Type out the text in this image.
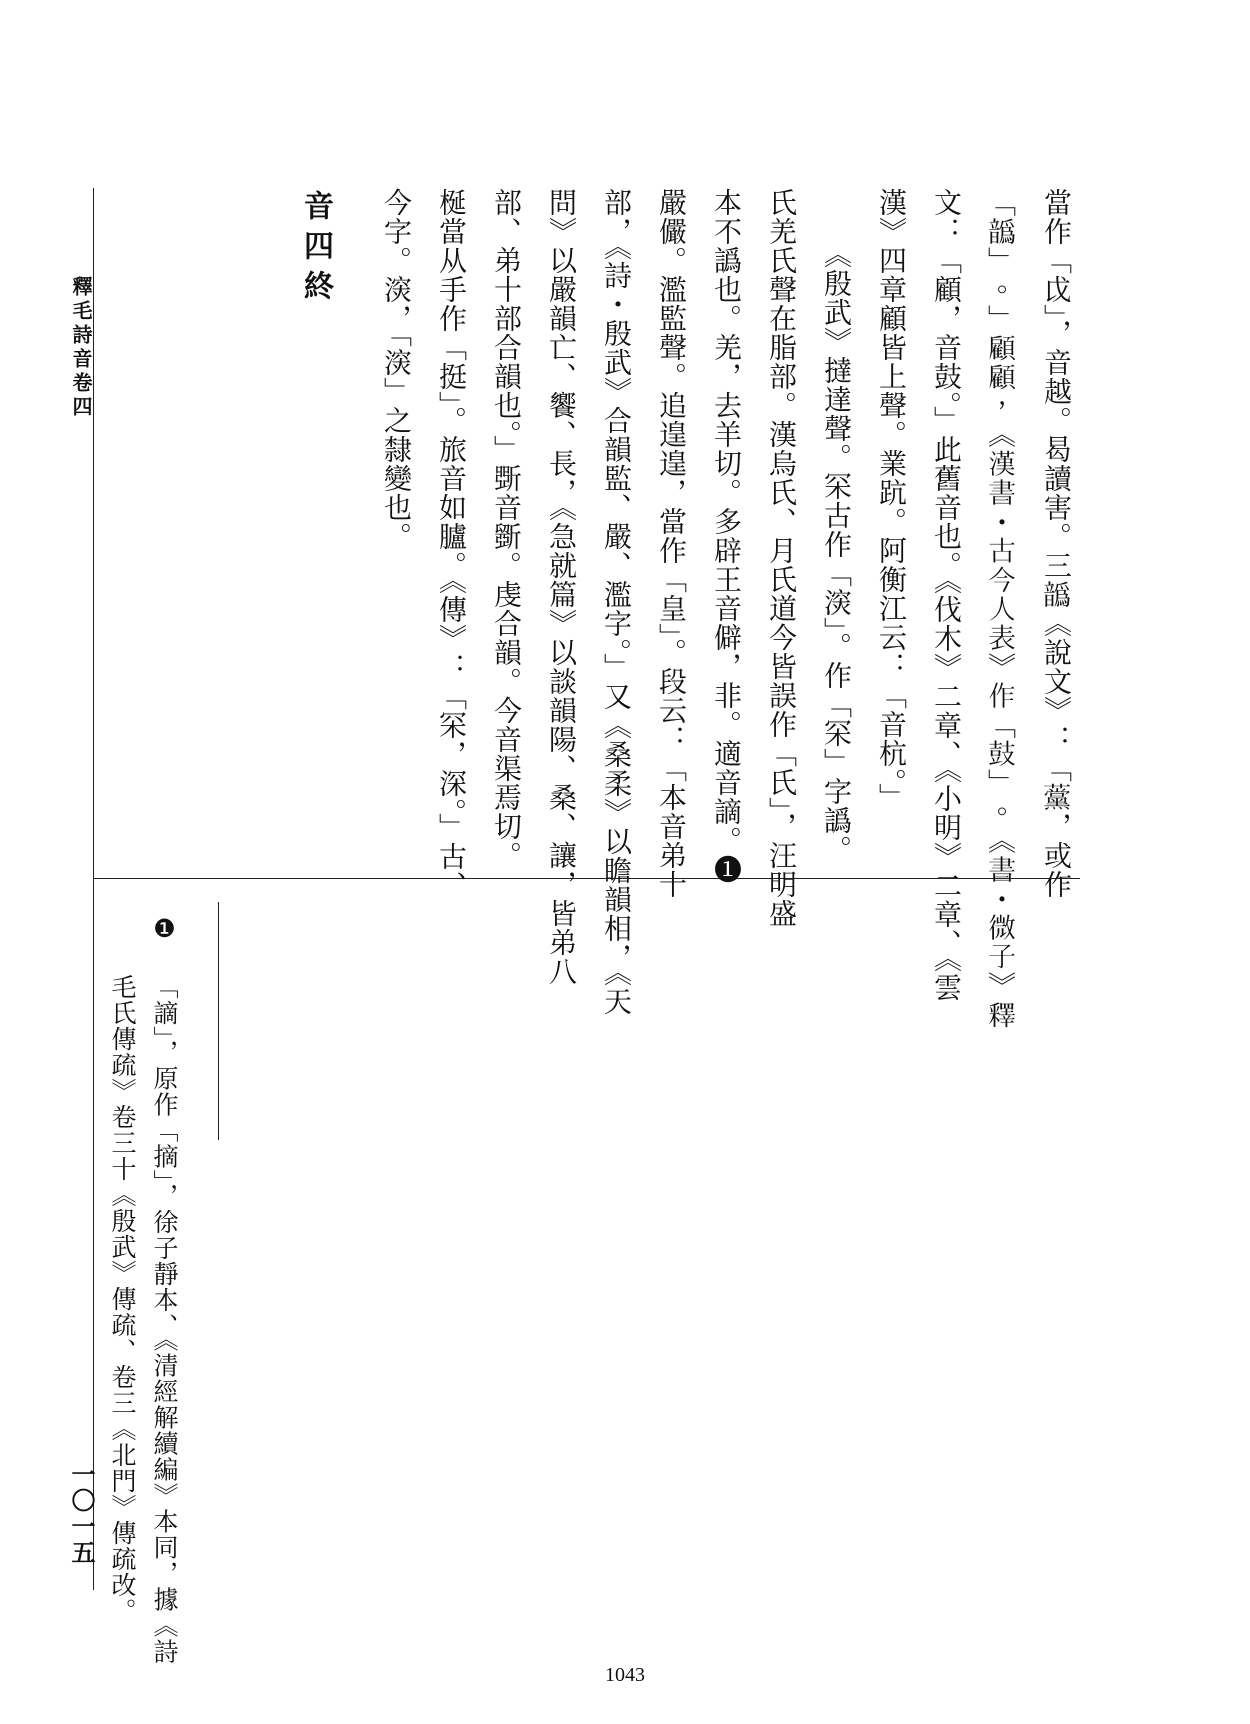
釋毛詩音卷四
一〇一五
當作「戉」，音越。曷讀害。三𩑁《說文》：「𧅗，或作
「𩑁」。」顧顧，《漢書・古今人表》作「鼓」。《書・微子》釋
文：「顧，音鼓。」此舊音也。《伐木》二章、《小明》二章、《雲
漢》四章顧皆上聲。業䟘。阿衡江云：「音杭。」
《殷武》撻達聲。罙古作「㴱」。作「罙」字譌。
氏羌氏聲在脂部。漢烏氏、月氏道今皆誤作「氏」，汪明盛
本不譌也。羌，去羊切。多辟王音僻，非。適音謫。❶
嚴儼。濫監聲。追遑遑，當作「皇」。段云：「本音弟十
部，《詩・殷武》合韻監、嚴、濫字。」又《桑柔》以瞻韻相，《天
問》以嚴韻亡、饗、長，《急就篇》以談韻陽、桑、讓，皆弟八
部、弟十部合韻也。」斲音斵。虔合韻。今音渠焉切。
梴當从手作「挺」。旅音如臚。《傳》：「罙，深。」古、
今字。㴱，「㴱」之隸變也。
音四終
❶
「謫」，原作「摘」，徐子靜本、《清經解續編》本同，據《詩
毛氏傳疏》卷三十《殷武》傳疏、卷三《北門》傳疏改。
1043
